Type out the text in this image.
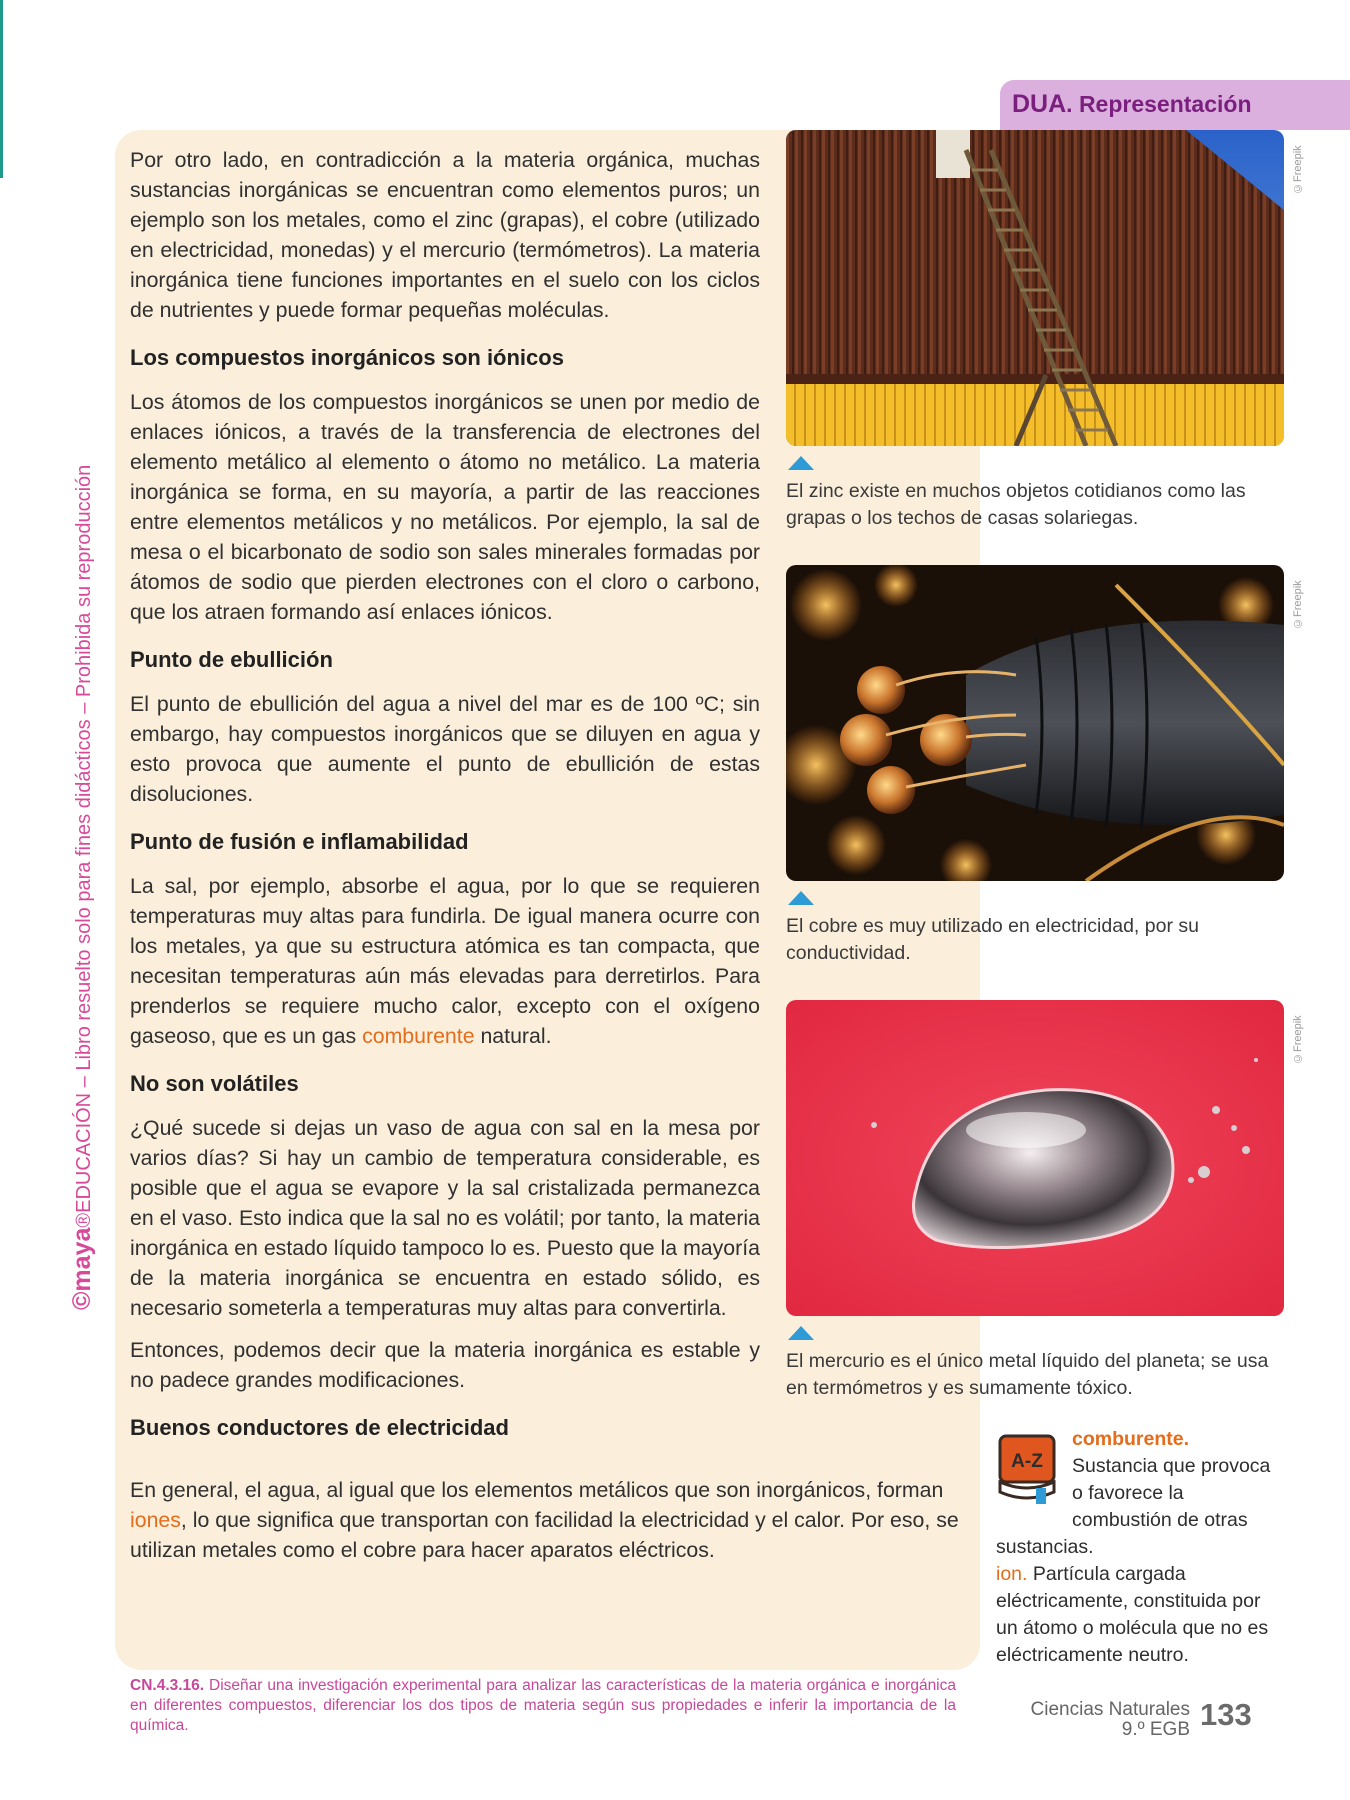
DUA. Representación
©maya®EDUCACIÓN – Libro resuelto solo para fines didácticos – Prohibida su reproducción

Por otro lado, en contradicción a la materia orgánica, muchas sustancias inorgánicas se encuentran como elementos puros; un ejemplo son los metales, como el zinc (grapas), el cobre (utilizado en electricidad, monedas) y el mercurio (termómetros). La materia inorgánica tiene funciones importantes en el suelo con los ciclos de nutrientes y puede formar pequeñas moléculas.

Los compuestos inorgánicos son iónicos

Los átomos de los compuestos inorgánicos se unen por medio de enlaces iónicos, a través de la transferencia de electrones del elemento metálico al elemento o átomo no metálico. La materia inorgánica se forma, en su mayoría, a partir de las reacciones entre elementos metálicos y no metálicos. Por ejemplo, la sal de mesa o el bicarbonato de sodio son sales minerales formadas por átomos de sodio que pierden electrones con el cloro o carbono, que los atraen formando así enlaces iónicos.

Punto de ebullición

El punto de ebullición del agua a nivel del mar es de 100 ºC; sin embargo, hay compuestos inorgánicos que se diluyen en agua y esto provoca que aumente el punto de ebullición de estas disoluciones.

Punto de fusión e inflamabilidad

La sal, por ejemplo, absorbe el agua, por lo que se requieren temperaturas muy altas para fundirla. De igual manera ocurre con los metales, ya que su estructura atómica es tan compacta, que necesitan temperaturas aún más elevadas para derretirlos. Para prenderlos se requiere mucho calor, excepto con el oxígeno gaseoso, que es un gas comburente natural.

No son volátiles

¿Qué sucede si dejas un vaso de agua con sal en la mesa por varios días? Si hay un cambio de temperatura considerable, es posible que el agua se evapore y la sal cristalizada permanezca en el vaso. Esto indica que la sal no es volátil; por tanto, la materia inorgánica en estado líquido tampoco lo es. Puesto que la mayoría de la materia inorgánica se encuentra en estado sólido, es necesario someterla a temperaturas muy altas para convertirla.

Entonces, podemos decir que la materia inorgánica es estable y no padece grandes modificaciones.

Buenos conductores de electricidad

En general, el agua, al igual que los elementos metálicos que son inorgánicos, forman iones, lo que significa que transportan con facilidad la electricidad y el calor. Por eso, se utilizan metales como el cobre para hacer aparatos eléctricos.

©Freepik
El zinc existe en muchos objetos cotidianos como las grapas o los techos de casas solariegas.
©Freepik
El cobre es muy utilizado en electricidad, por su conductividad.
©Freepik
El mercurio es el único metal líquido del planeta; se usa en termómetros y es sumamente tóxico.
A-Z

comburente. Sustancia que provoca o favorece la combustión de otras sustancias.

ion. Partícula cargada eléctricamente, constituida por un átomo o molécula que no es eléctricamente neutro.

CN.4.3.16. Diseñar una investigación experimental para analizar las características de la materia orgánica e inorgánica en diferentes compuestos, diferenciar los dos tipos de materia según sus propiedades e inferir la importancia de la química.
Ciencias Naturales
9.º EGB 133
